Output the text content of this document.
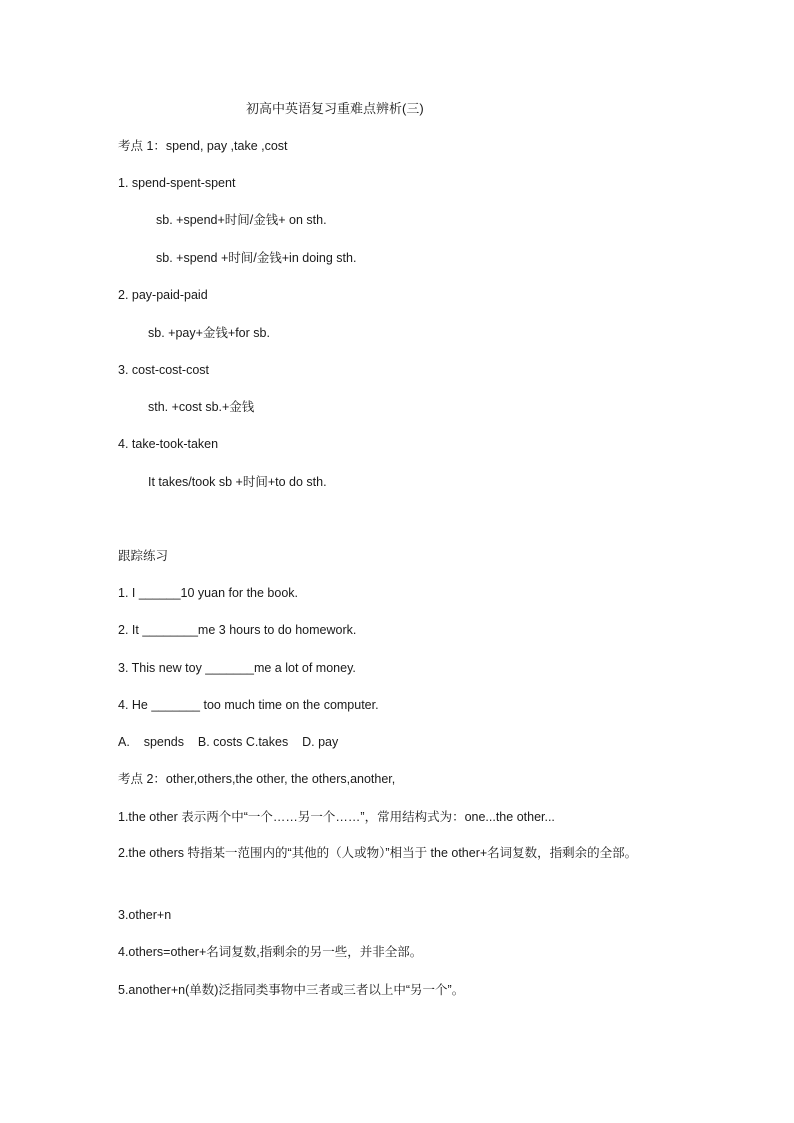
初高中英语复习重难点辨析(三)
考点 1：spend, pay ,take ,cost
1. spend-spent-spent
sb. +spend+时间/金钱+ on sth.
sb. +spend +时间/金钱+in doing sth.
2. pay-paid-paid
sb. +pay+金钱+for sb.
3. cost-cost-cost
sth. +cost sb.+金钱
4. take-took-taken
It takes/took sb +时间+to do sth.
跟踪练习
1. I ______10 yuan for the book.
2. It ________me 3 hours to do homework.
3. This new toy _______me a lot of money.
4. He _______ too much time on the computer.
A.    spends    B. costs C.takes    D. pay
考点 2：other,others,the other, the others,another,
1.the other 表示两个中“一个……另一个……”，常用结构式为：one...the other...
2.the others 特指某一范围内的“其他的（人或物）”相当于 the other+名词复数，指剩余的全部。
3.other+n
4.others=other+名词复数,指剩余的另一些，并非全部。
5.another+n(单数)泛指同类事物中三者或三者以上中“另一个”。
